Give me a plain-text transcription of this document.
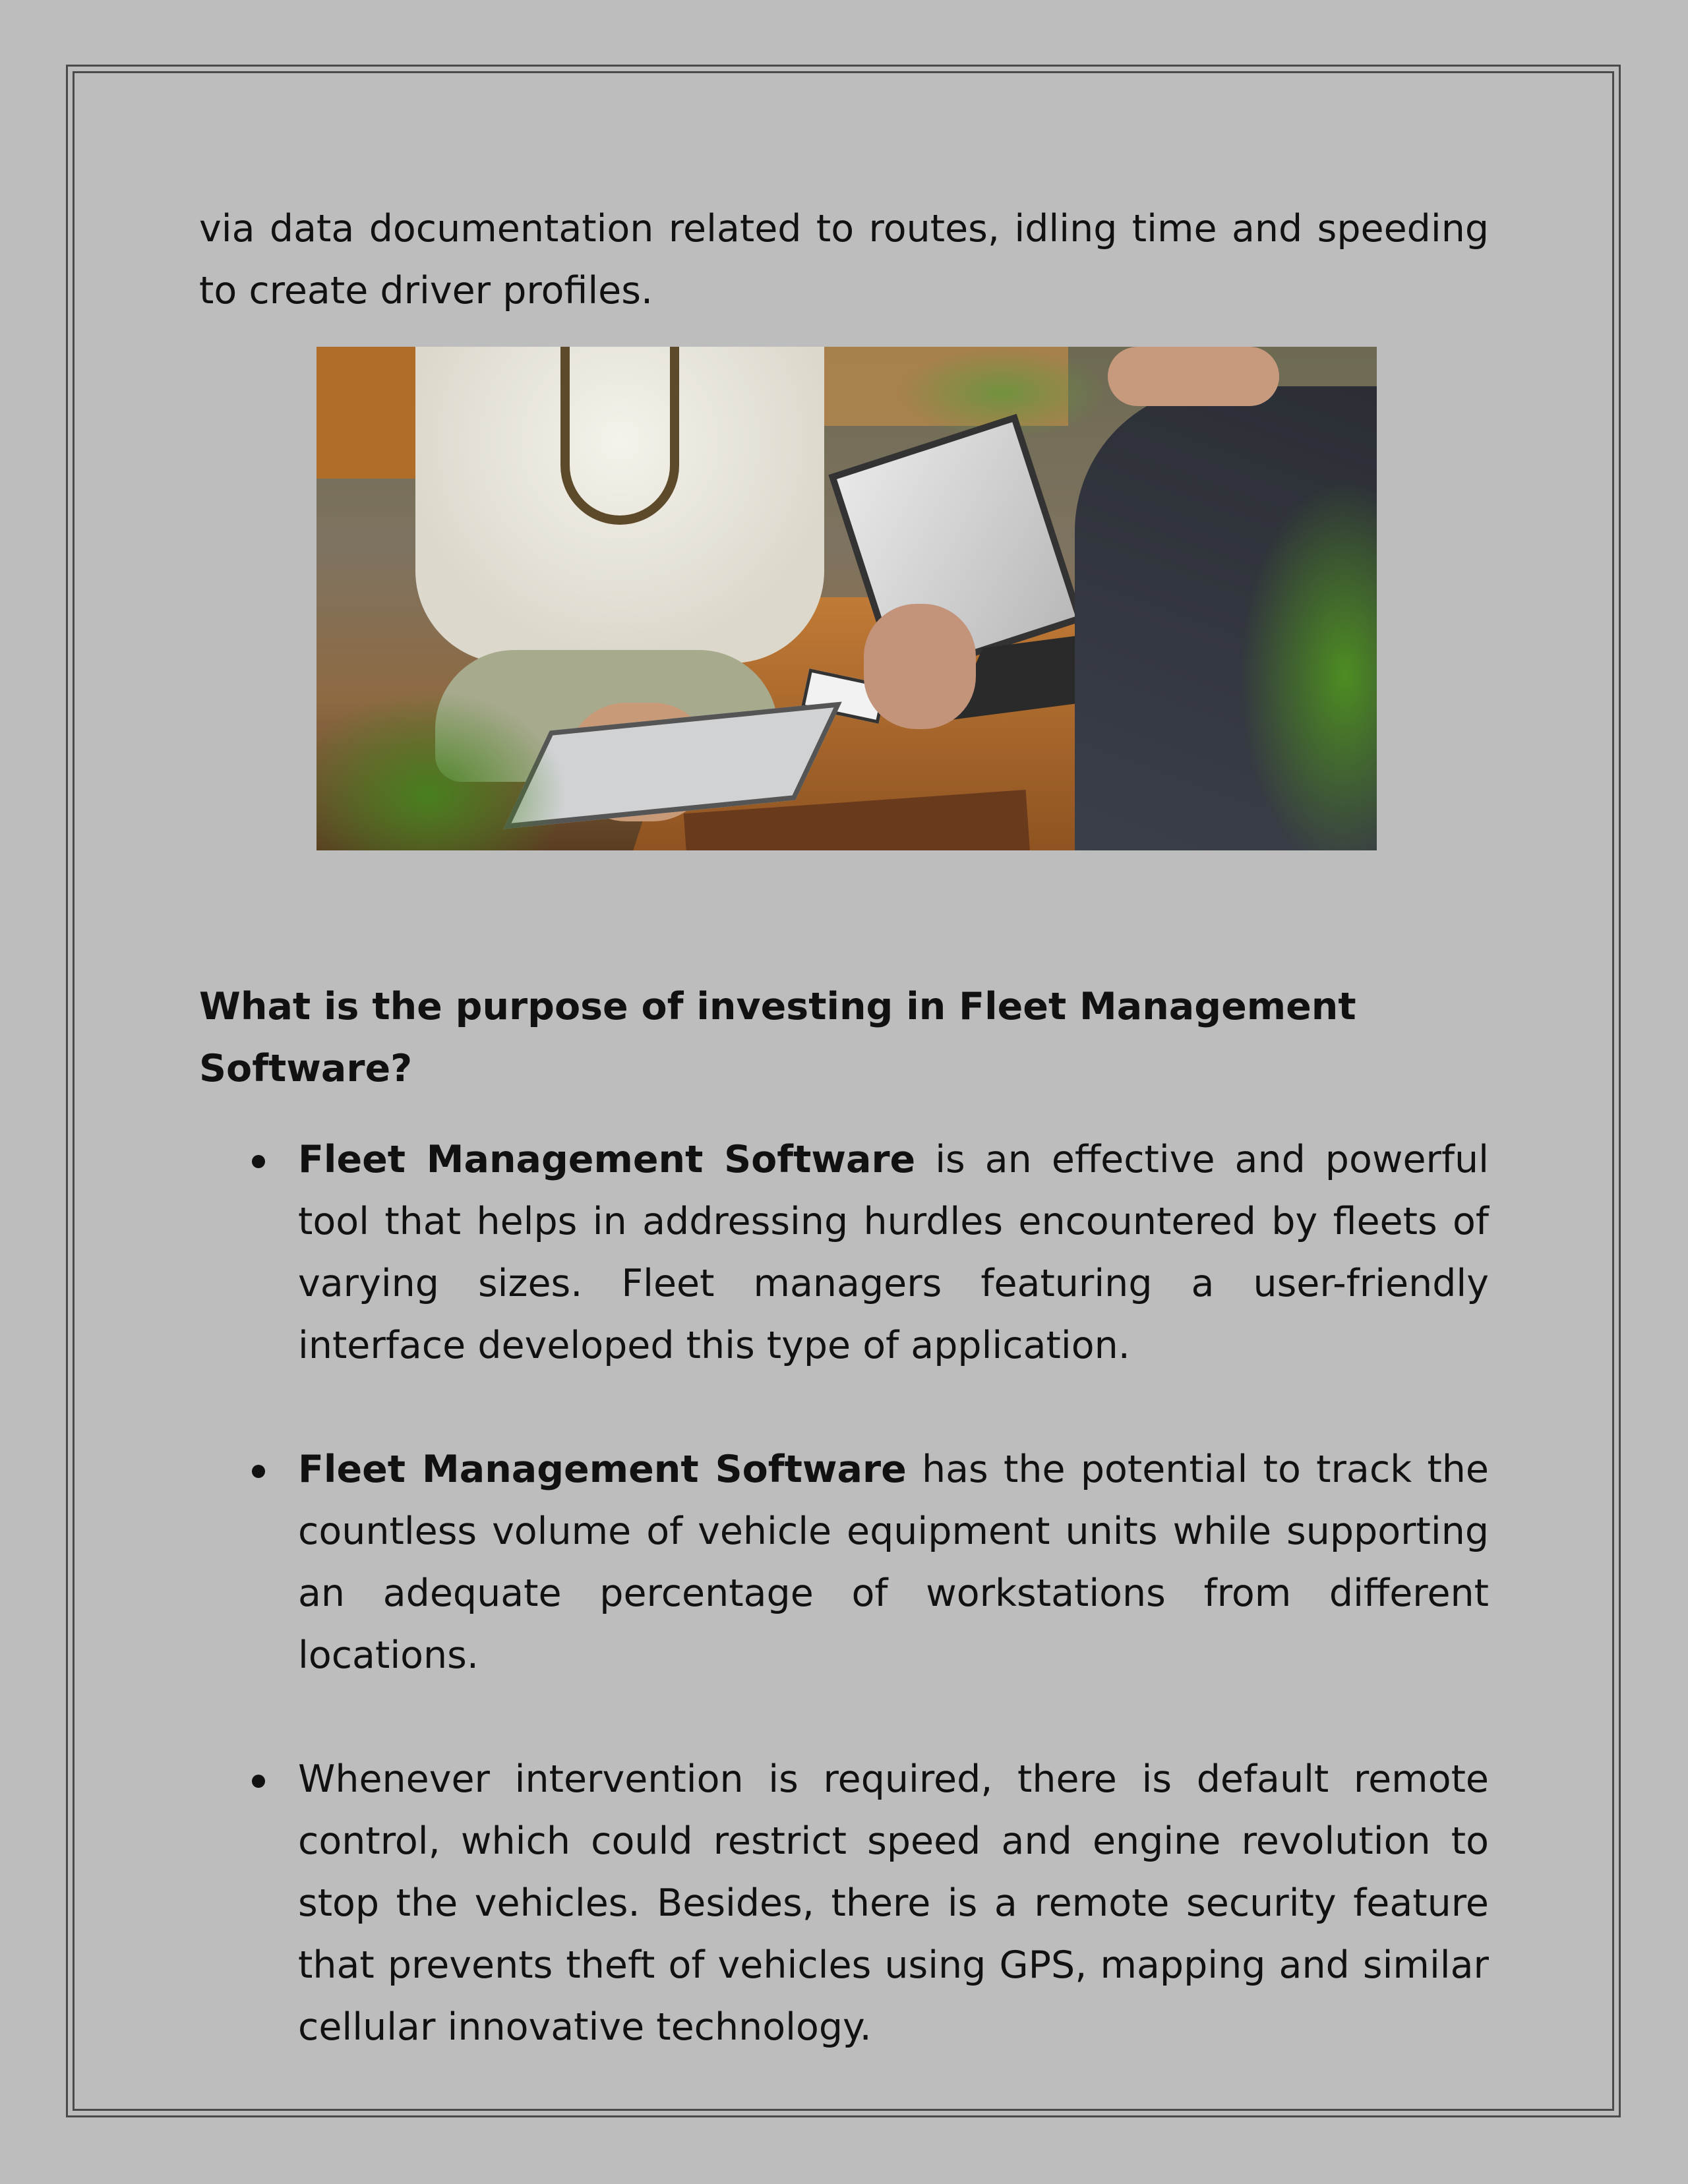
via data documentation related to routes, idling time and speeding to create driver profiles.

What is the purpose of investing in Fleet Management Software?

Fleet Management Software is an effective and powerful tool that helps in addressing hurdles encountered by fleets of varying sizes. Fleet managers featuring a user-friendly interface developed this type of application.

Fleet Management Software has the potential to track the countless volume of vehicle equipment units while supporting an adequate percentage of workstations from different locations.

Whenever intervention is required, there is default remote control, which could restrict speed and engine revolution to stop the vehicles. Besides, there is a remote security feature that prevents theft of vehicles using GPS, mapping and similar cellular innovative technology.
